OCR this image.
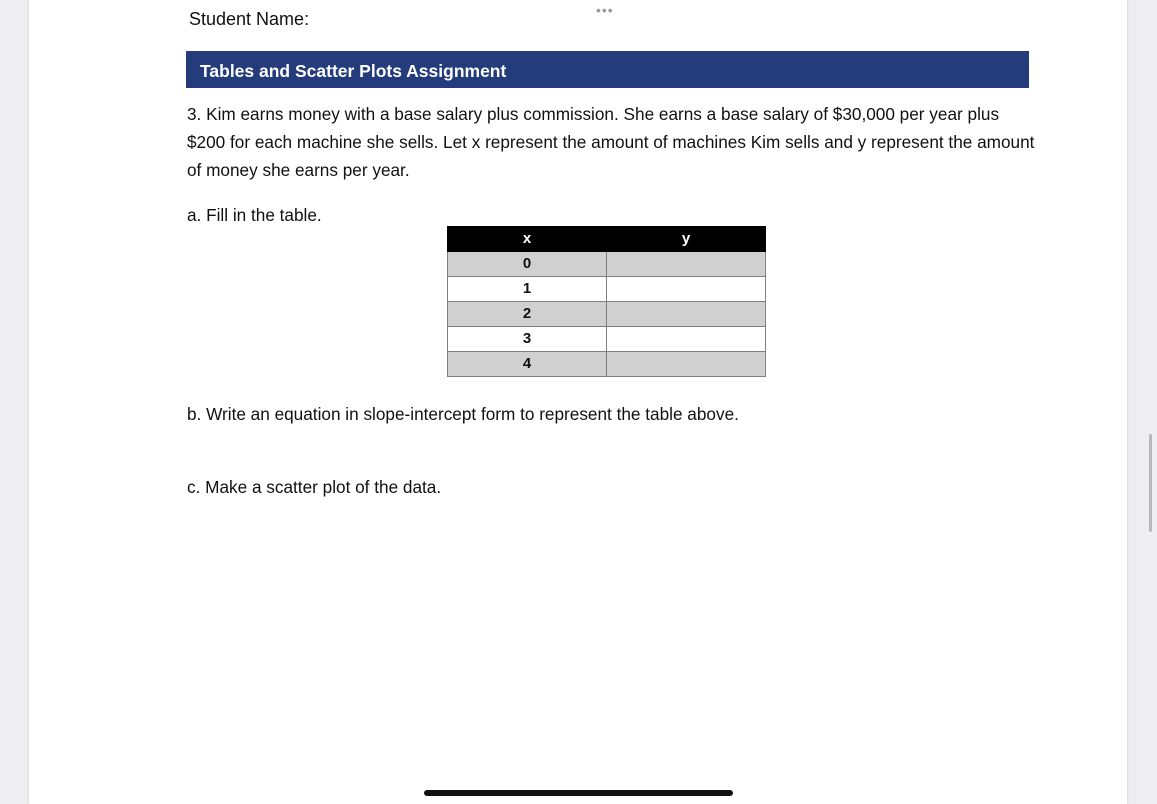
•••
Student Name:
Tables and Scatter Plots Assignment
3. Kim earns money with a base salary plus commission. She earns a base salary of $30,000 per year plus $200 for each machine she sells. Let x represent the amount of machines Kim sells and y represent the amount of money she earns per year.
a. Fill in the table.
x	y
0	
1	
2	
3	
4	
b. Write an equation in slope-intercept form to represent the table above.
c. Make a scatter plot of the data.
